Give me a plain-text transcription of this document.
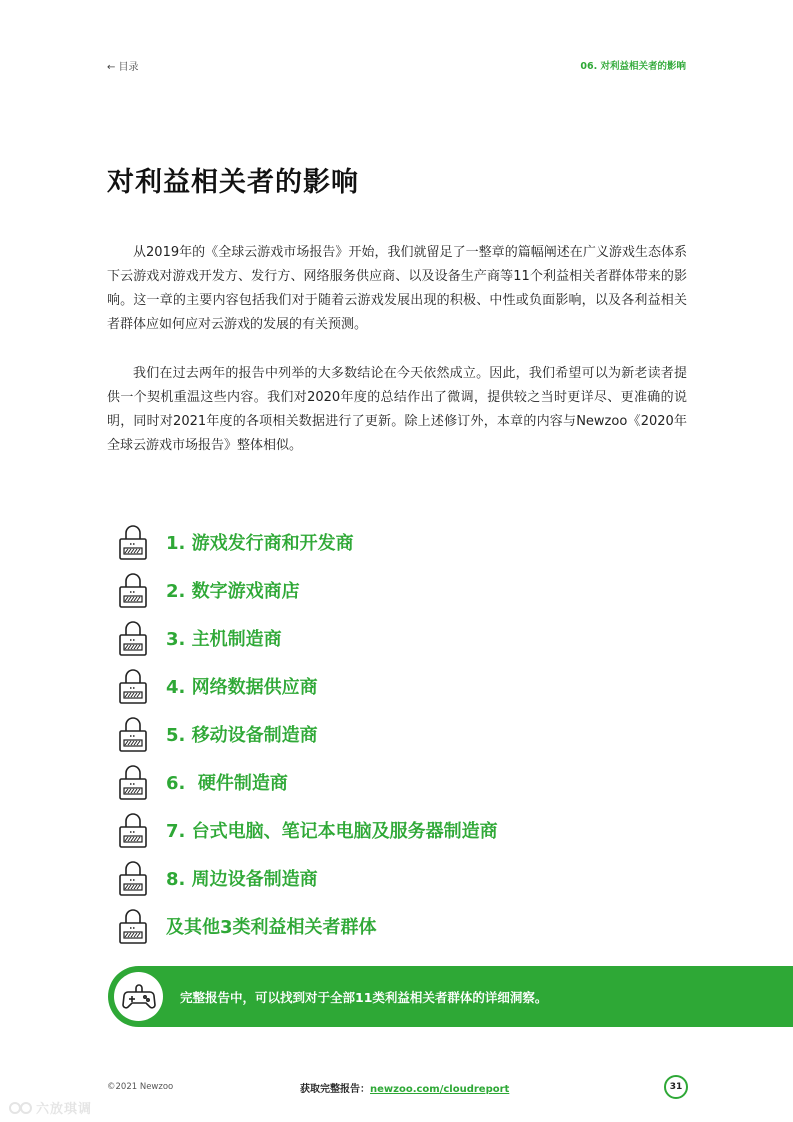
← 目录	06. 对利益相关者的影响
对利益相关者的影响

从2019年的《全球云游戏市场报告》开始，我们就留足了一整章的篇幅阐述在广义游戏生态体系下云游戏对游戏开发方、发行方、网络服务供应商、以及设备生产商等11个利益相关者群体带来的影响。这一章的主要内容包括我们对于随着云游戏发展出现的积极、中性或负面影响，以及各利益相关者群体应如何应对云游戏的发展的有关预测。

我们在过去两年的报告中列举的大多数结论在今天依然成立。因此，我们希望可以为新老读者提供一个契机重温这些内容。我们对2020年度的总结作出了微调，提供较之当时更详尽、更准确的说明，同时对2021年度的各项相关数据进行了更新。除上述修订外，本章的内容与Newzoo《2020年全球云游戏市场报告》整体相似。

1. 游戏发行商和开发商
2. 数字游戏商店
3. 主机制造商
4. 网络数据供应商
5. 移动设备制造商
6.  硬件制造商
7. 台式电脑、笔记本电脑及服务器制造商
8. 周边设备制造商
及其他3类利益相关者群体
完整报告中，可以找到对于全部11类利益相关者群体的详细洞察。
©2021 Newzoo	获取完整报告：newzoo.com/cloudreport	31
六放琪调
